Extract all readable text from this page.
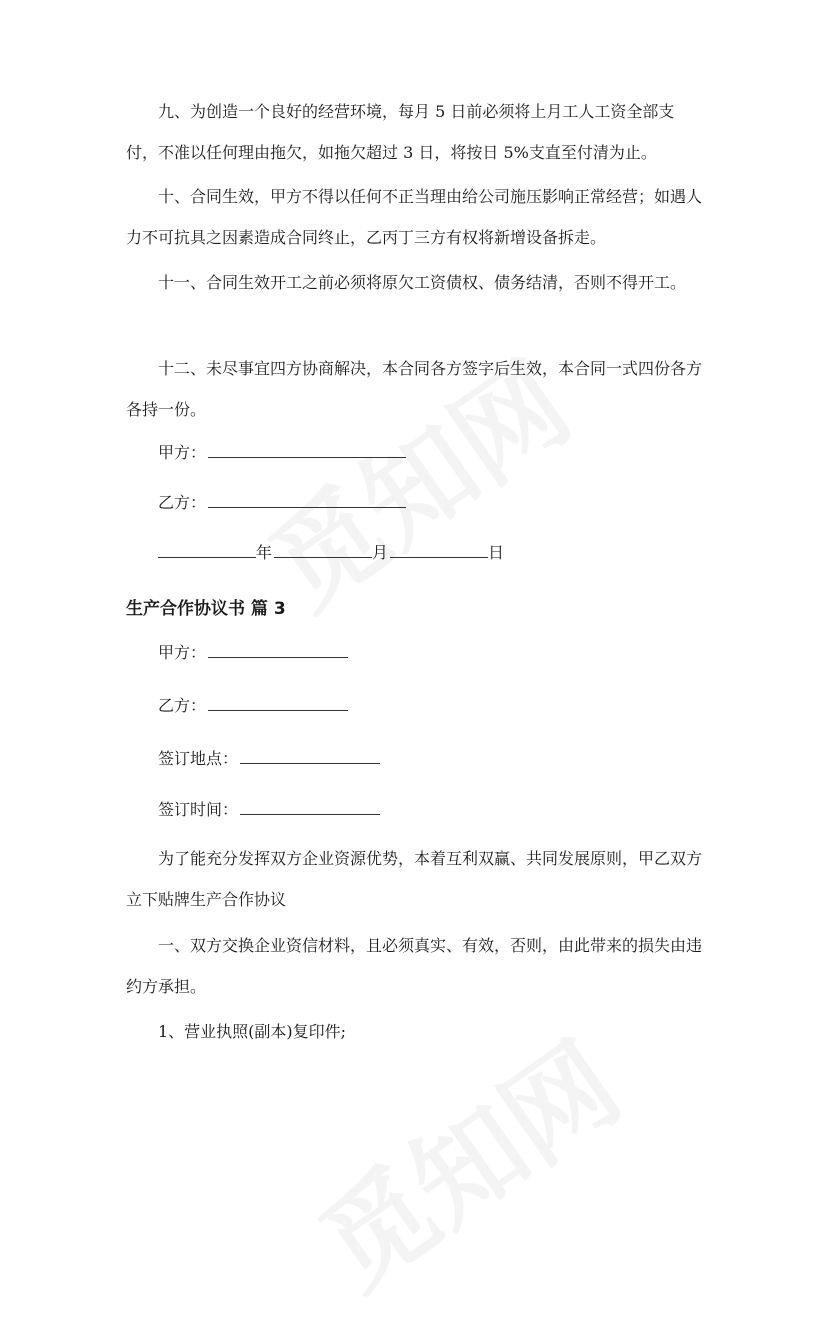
九、为创造一个良好的经营环境，每月 5 日前必须将上月工人工资全部支付，不准以任何理由拖欠，如拖欠超过 3 日，将按日 5%支直至付清为止。

十、合同生效，甲方不得以任何不正当理由给公司施压影响正常经营；如遇人力不可抗具之因素造成合同终止，乙丙丁三方有权将新增设备拆走。

十一、合同生效开工之前必须将原欠工资债权、债务结清，否则不得开工。

十二、未尽事宜四方协商解决，本合同各方签字后生效，本合同一式四份各方各持一份。

甲方：
乙方：
年	月	日
生产合作协议书 篇 3
甲方：
乙方：
签订地点：
签订时间：

为了能充分发挥双方企业资源优势，本着互利双赢、共同发展原则，甲乙双方立下贴牌生产合作协议

一、双方交换企业资信材料，且必须真实、有效，否则，由此带来的损失由违约方承担。

1、营业执照(副本)复印件;
